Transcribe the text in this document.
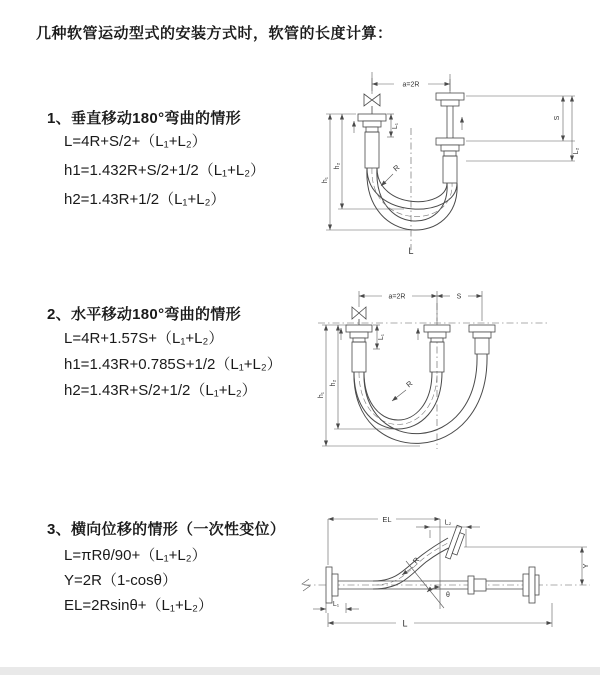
几种软管运动型式的安装方式时，软管的长度计算：
1、垂直移动180°弯曲的情形
L=4R+S/2+（L₁+L₂）
h1=1.432R+S/2+1/2（L₁+L₂）
h2=1.43R+1/2（L₁+L₂）
2、水平移动180°弯曲的情形
L=4R+1.57S+（L₁+L₂）
h1=1.43R+0.785S+1/2（L₁+L₂）
h2=1.43R+S/2+1/2（L₁+L₂）
3、横向位移的情形（一次性变位）
L=πRθ/90+（L₁+L₂）
Y=2R（1-cosθ）
EL=2Rsinθ+（L₁+L₂）
a=2R
L₁
S
L₂
h₁
h₂	R
L
a=2R	S
L₁
h₁
h₂	R
EL	L₂
θ
R
Y
L₁
L
